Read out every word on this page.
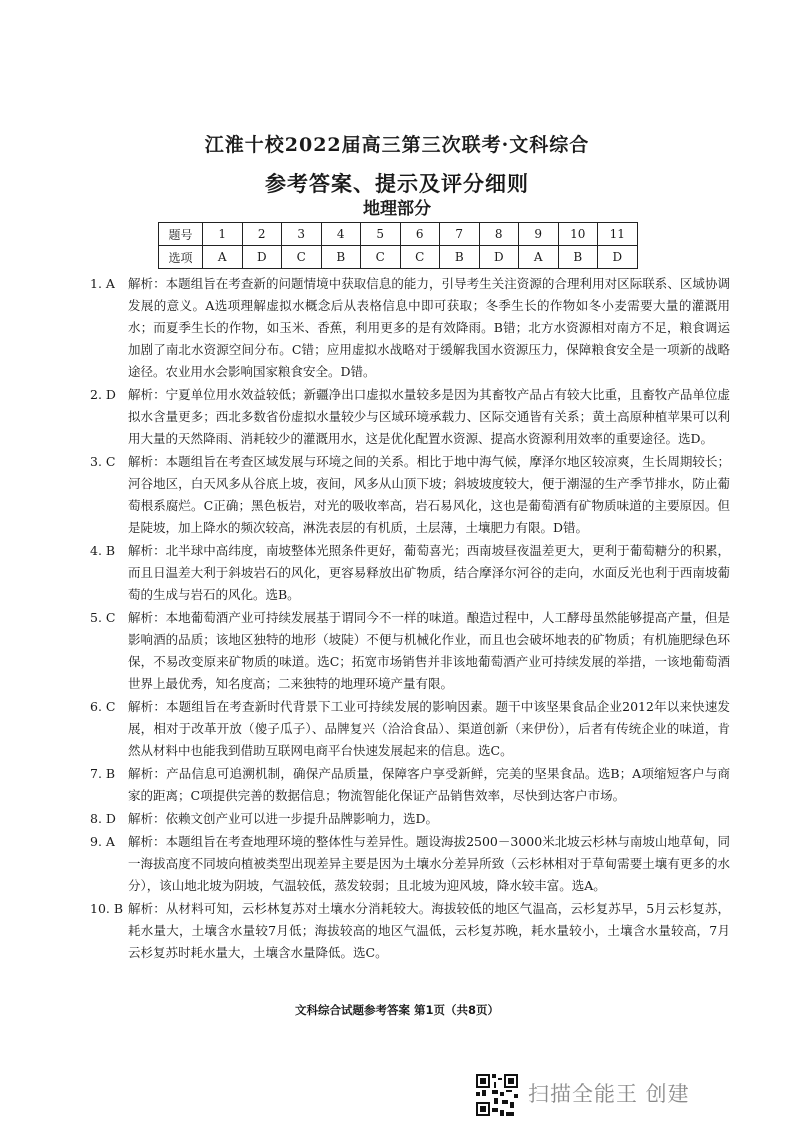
江淮十校2022届高三第三次联考·文科综合
参考答案、提示及评分细则
地理部分
题号	1	2	3	4	5	6	7	8	9	10	11
选项	A	D	C	B	C	C	B	D	A	B	D
1. A	解析：本题组旨在考查新的问题情境中获取信息的能力，引导考生关注资源的合理利用对区际联系、区域协调发展的意义。A选项理解虚拟水概念后从表格信息中即可获取；冬季生长的作物如冬小麦需要大量的灌溉用水；而夏季生长的作物，如玉米、香蕉，利用更多的是有效降雨。B错；北方水资源相对南方不足，粮食调运加剧了南北水资源空间分布。C错；应用虚拟水战略对于缓解我国水资源压力，保障粮食安全是一项新的战略途径。农业用水会影响国家粮食安全。D错。
2. D 解析：宁夏单位用水效益较低；新疆净出口虚拟水量较多是因为其畜牧产品占有较大比重，且畜牧产品单位虚拟水含量更多；西北多数省份虚拟水量较少与区域环境承载力、区际交通皆有关系；黄土高原种植苹果可以利用大量的天然降雨、消耗较少的灌溉用水，这是优化配置水资源、提高水资源利用效率的重要途径。选D。
3. C	解析：本题组旨在考查区域发展与环境之间的关系。相比于地中海气候，摩泽尔地区较凉爽，生长周期较长；河谷地区，白天风多从谷底上坡，夜间，风多从山顶下坡；斜坡坡度较大，便于潮湿的生产季节排水，防止葡萄根系腐烂。C正确；黑色板岩，对光的吸收率高，岩石易风化，这也是葡萄酒有矿物质味道的主要原因。但是陡坡，加上降水的频次较高，淋洗表层的有机质，土层薄，土壤肥力有限。D错。
4. B	解析：北半球中高纬度，南坡整体光照条件更好，葡萄喜光；西南坡昼夜温差更大，更利于葡萄糖分的积累，而且日温差大利于斜坡岩石的风化，更容易释放出矿物质，结合摩泽尔河谷的走向，水面反光也利于西南坡葡萄的生成与岩石的风化。选B。
5. C	解析：本地葡萄酒产业可持续发展基于谓同今不一样的味道。酿造过程中，人工酵母虽然能够提高产量，但是影响酒的品质；该地区独特的地形（坡陡）不便与机械化作业，而且也会破坏地表的矿物质；有机施肥绿色环保，不易改变原来矿物质的味道。选C；拓宽市场销售并非该地葡萄酒产业可持续发展的举措，一该地葡萄酒世界上最优秀，知名度高；二来独特的地理环境产量有限。
6. C	解析：本题组旨在考查新时代背景下工业可持续发展的影响因素。题干中该坚果食品企业2012年以来快速发展，相对于改革开放（傻子瓜子）、品牌复兴（洽洽食品）、渠道创新（来伊份），后者有传统企业的味道，肯然从材料中也能我到借助互联网电商平台快速发展起来的信息。选C。
7. B	解析：产品信息可追溯机制，确保产品质量，保障客户享受新鲜，完美的坚果食品。选B；A项缩短客户与商家的距离；C项提供完善的数据信息；物流智能化保证产品销售效率，尽快到达客户市场。
8. D 解析：依赖文创产业可以进一步提升品牌影响力，选D。
9. A	解析：本题组旨在考查地理环境的整体性与差异性。题设海拔2500－3000米北坡云杉林与南坡山地草甸，同一海拔高度不同坡向植被类型出现差异主要是因为土壤水分差异所致（云杉林相对于草甸需要土壤有更多的水分），该山地北坡为阴坡，气温较低，蒸发较弱；且北坡为迎风坡，降水较丰富。选A。
10. B 解析：从材料可知，云杉林复苏对土壤水分消耗较大。海拔较低的地区气温高，云杉复苏早，5月云杉复苏，耗水量大，土壤含水量较7月低；海拔较高的地区气温低，云杉复苏晚，耗水量较小，土壤含水量较高，7月云杉复苏时耗水量大，土壤含水量降低。选C。
文科综合试题参考答案 第1页（共8页）
扫描全能王 创建
